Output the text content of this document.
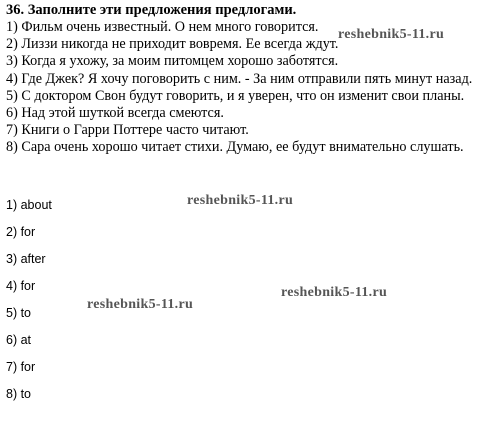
36. Заполните эти предложения предлогами.

1) Фильм очень известный. О нем много говорится.
2) Лиззи никогда не приходит вовремя. Ее всегда ждут.
3) Когда я ухожу, за моим питомцем хорошо заботятся.
4) Где Джек? Я хочу поговорить с ним. - За ним отправили пять минут назад.
5) С доктором Свон будут говорить, и я уверен, что он изменит свои планы.
6) Над этой шуткой всегда смеются.
7) Книги о Гарри Поттере часто читают.
8) Сара очень хорошо читает стихи. Думаю, ее будут внимательно слушать.
1) about
2) for
3) after
4) for
5) to
6) at
7) for
8) to
reshebnik5-11.ru
reshebnik5-11.ru
reshebnik5-11.ru
reshebnik5-11.ru
